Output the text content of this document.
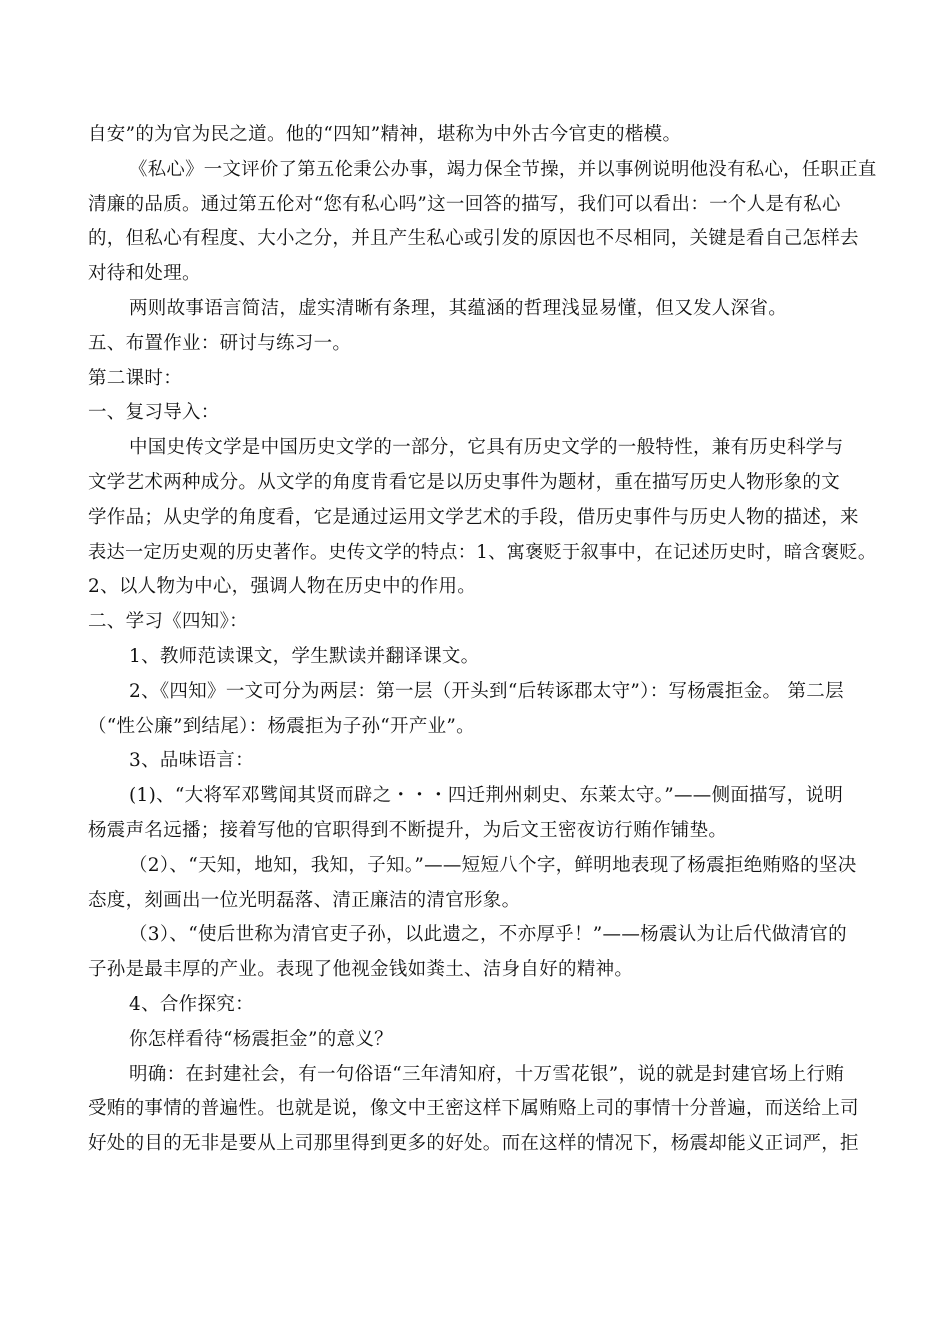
自安”的为官为民之道。他的“四知”精神，堪称为中外古今官吏的楷模。
《私心》一文评价了第五伦秉公办事，竭力保全节操，并以事例说明他没有私心，任职正直
清廉的品质。通过第五伦对“您有私心吗”这一回答的描写，我们可以看出：一个人是有私心
的，但私心有程度、大小之分，并且产生私心或引发的原因也不尽相同，关键是看自己怎样去
对待和处理。
两则故事语言简洁，虚实清晰有条理，其蕴涵的哲理浅显易懂，但又发人深省。
五、布置作业：研讨与练习一。
第二课时：
一、复习导入：
中国史传文学是中国历史文学的一部分，它具有历史文学的一般特性，兼有历史科学与
文学艺术两种成分。从文学的角度肯看它是以历史事件为题材，重在描写历史人物形象的文
学作品；从史学的角度看，它是通过运用文学艺术的手段，借历史事件与历史人物的描述，来
表达一定历史观的历史著作。史传文学的特点：1、寓褒贬于叙事中，在记述历史时，暗含褒贬。
2、以人物为中心，强调人物在历史中的作用。
二、学习《四知》：
1、教师范读课文，学生默读并翻译课文。
2、《四知》一文可分为两层：第一层（开头到“后转诼郡太守”）：写杨震拒金。 第二层
（“性公廉”到结尾）：杨震拒为子孙“开产业”。
3、品味语言：
(1)、“大将军邓骘闻其贤而辟之・・・四迁荆州刺史、东莱太守。”——侧面描写，说明
杨震声名远播；接着写他的官职得到不断提升，为后文王密夜访行贿作铺垫。
（2）、“天知，地知，我知，子知。”——短短八个字，鲜明地表现了杨震拒绝贿赂的坚决
态度，刻画出一位光明磊落、清正廉洁的清官形象。
（3）、“使后世称为清官吏子孙，以此遗之，不亦厚乎！”——杨震认为让后代做清官的
子孙是最丰厚的产业。表现了他视金钱如粪土、洁身自好的精神。
4、合作探究：
你怎样看待“杨震拒金”的意义？
明确：在封建社会，有一句俗语“三年清知府，十万雪花银”，说的就是封建官场上行贿
受贿的事情的普遍性。也就是说，像文中王密这样下属贿赂上司的事情十分普遍，而送给上司
好处的目的无非是要从上司那里得到更多的好处。而在这样的情况下，杨震却能义正词严，拒
